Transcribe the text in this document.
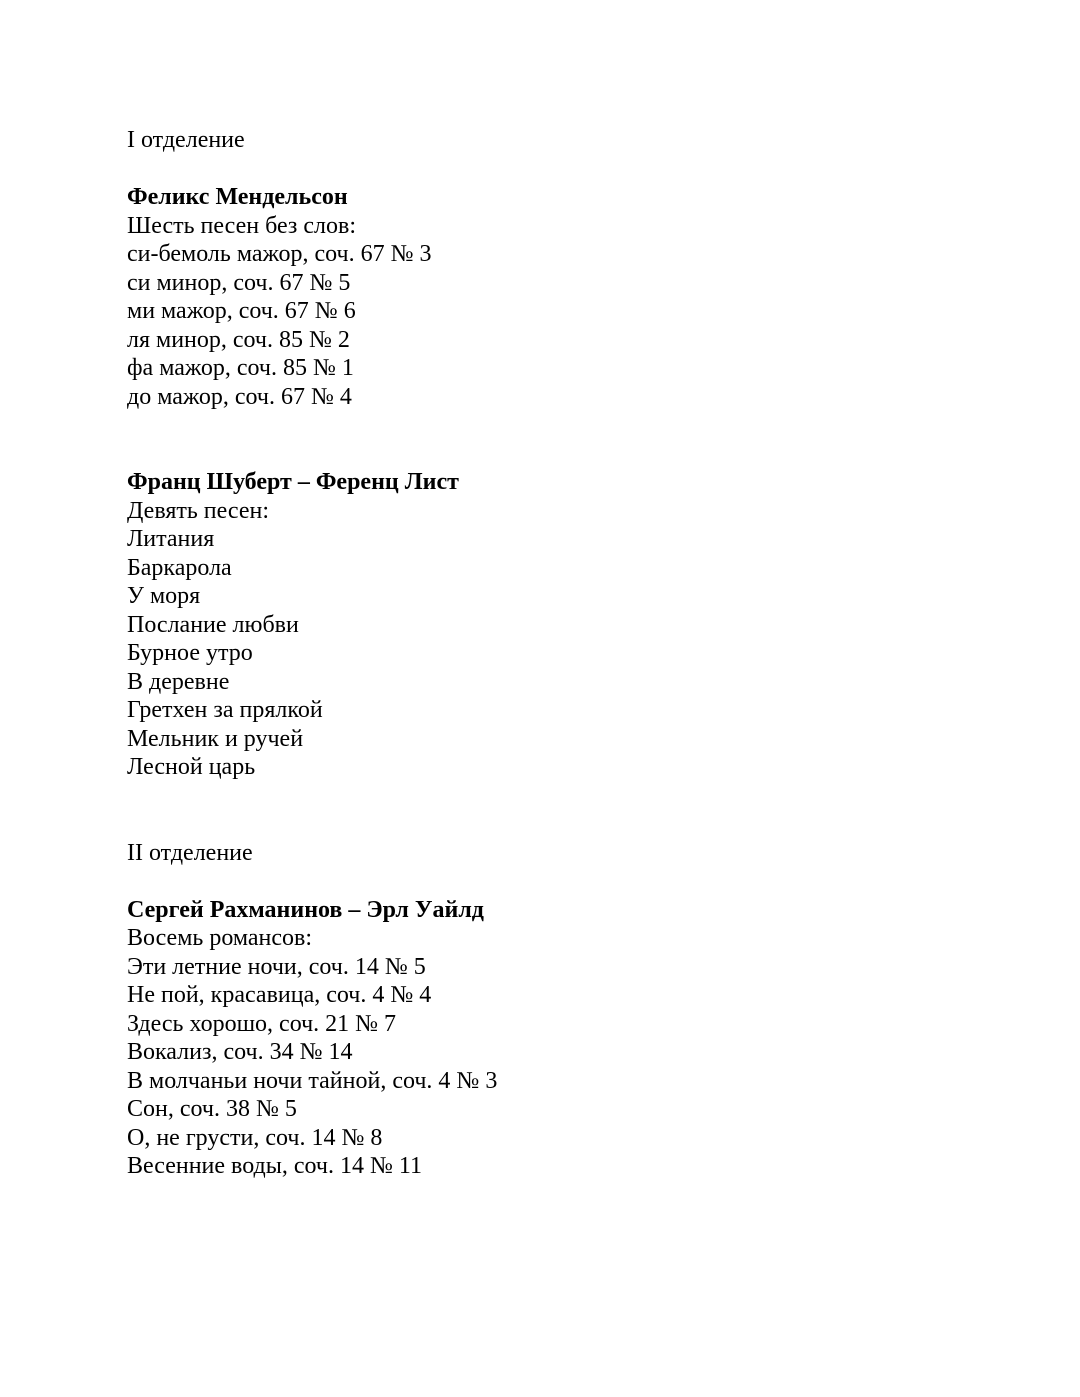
I отделение
Феликс Мендельсон
Шесть песен без слов:
си-бемоль мажор, соч. 67 № 3
си минор, соч. 67 № 5
ми мажор, соч. 67 № 6
ля минор, соч. 85 № 2
фа мажор, соч. 85 № 1
до мажор, соч. 67 № 4
Франц Шуберт – Ференц Лист
Девять песен:
Литания
Баркарола
У моря
Послание любви
Бурное утро
В деревне
Гретхен за прялкой
Мельник и ручей
Лесной царь
II отделение
Сергей Рахманинов – Эрл Уайлд
Восемь романсов:
Эти летние ночи, соч. 14 № 5
Не пой, красавица, соч. 4 № 4
Здесь хорошо, соч. 21 № 7
Вокализ, соч. 34 № 14
В молчаньи ночи тайной, соч. 4 № 3
Сон, соч. 38 № 5
О, не грусти, соч. 14 № 8
Весенние воды, соч. 14 № 11
